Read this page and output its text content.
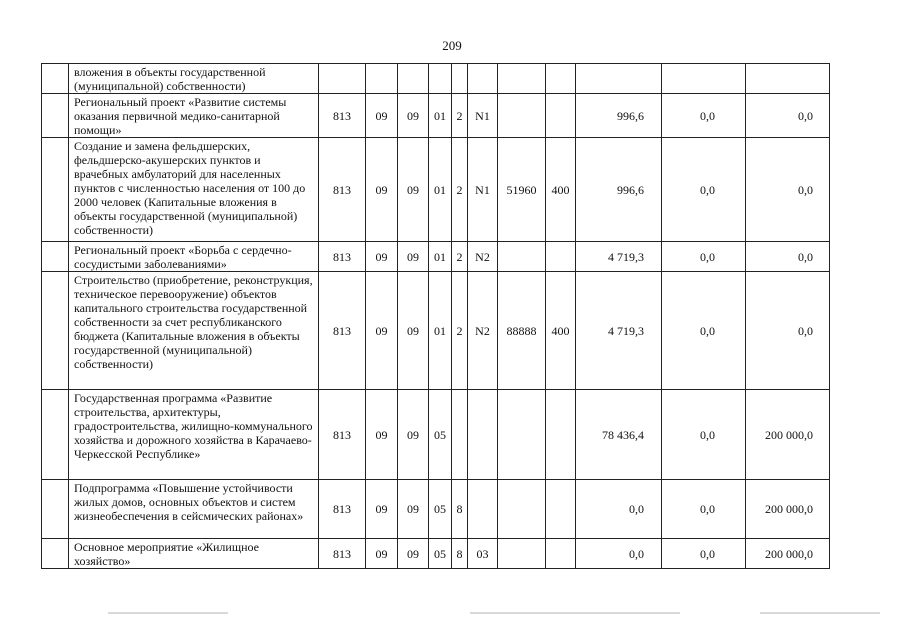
209
	вложения в объекты государственной (муниципальной) собственности)											
	Региональный проект «Развитие системы оказания первичной медико-санитарной помощи»	813	09	09	01	2	N1			996,6	0,0	0,0
	Создание и замена фельдшерских, фельдшерско-акушерских пунктов и врачебных амбулаторий для населенных пунктов с численностью населения от 100 до 2000 человек (Капитальные вложения в объекты государственной (муниципальной) собственности)	813	09	09	01	2	N1	51960	400	996,6	0,0	0,0
	Региональный проект «Борьба с сердечно-сосудистыми заболеваниями»	813	09	09	01	2	N2			4 719,3	0,0	0,0
	Строительство (приобретение, реконструкция, техническое перевооружение) объектов капитального строительства государственной собственности за счет республиканского бюджета (Капитальные вложения в объекты государственной (муниципальной) собственности)	813	09	09	01	2	N2	88888	400	4 719,3	0,0	0,0
	Государственная программа «Развитие строительства, архитектуры, градостроительства, жилищно-коммунального хозяйства и дорожного хозяйства в Карачаево-Черкесской Республике»	813	09	09	05					78 436,4	0,0	200 000,0
	Подпрограмма «Повышение устойчивости жилых домов, основных объектов и систем жизнеобеспечения в сейсмических районах»	813	09	09	05	8				0,0	0,0	200 000,0
	Основное мероприятие «Жилищное хозяйство»	813	09	09	05	8	03			0,0	0,0	200 000,0
